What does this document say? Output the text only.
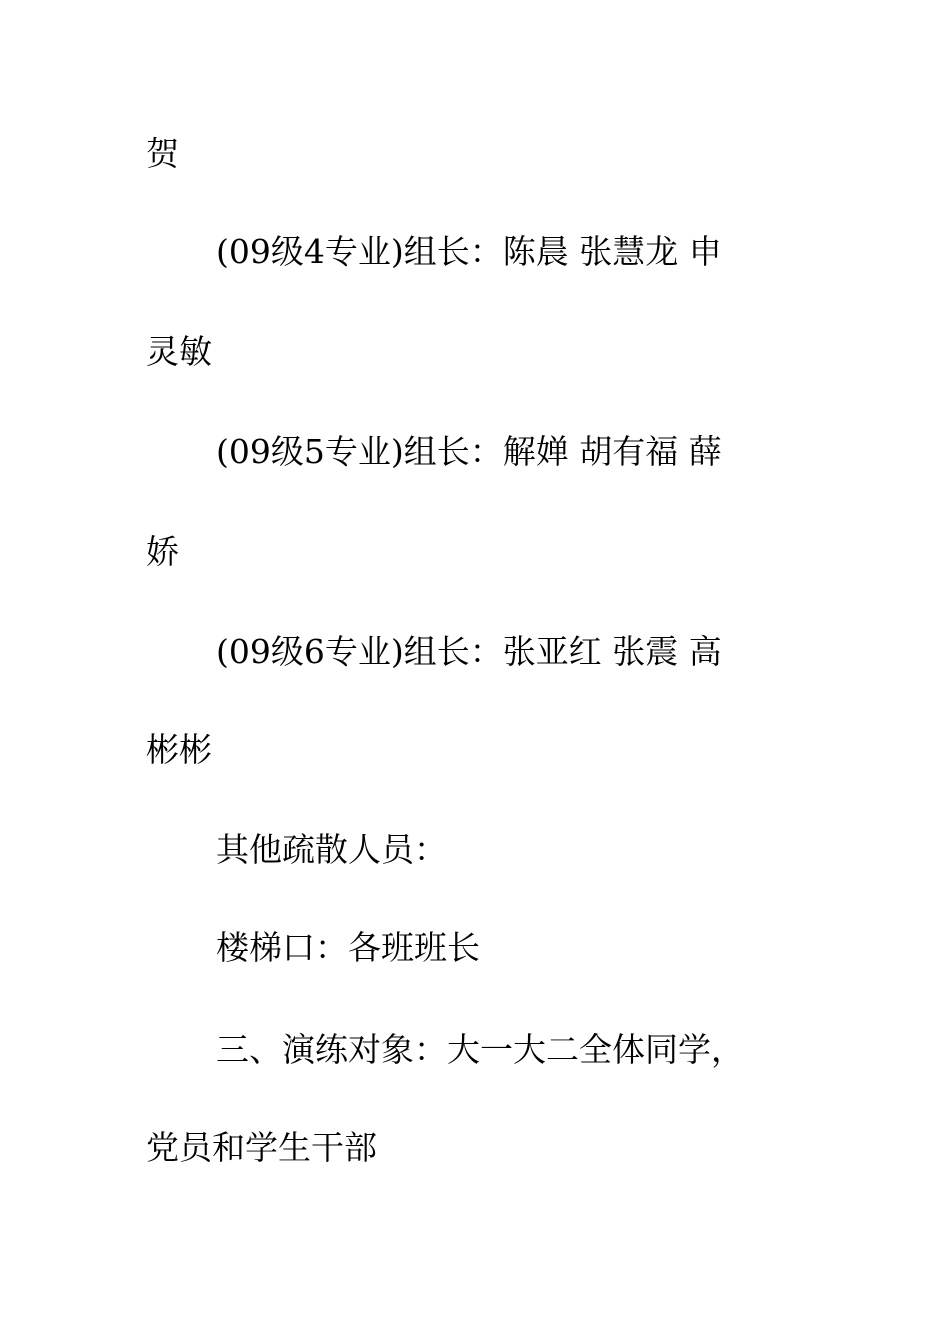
贺

(09级4专业)组长：陈晨 张慧龙 申

灵敏

(09级5专业)组长：解婵 胡有福 薛

娇

(09级6专业)组长：张亚红 张震 高

彬彬

其他疏散人员：

楼梯口：各班班长

三、演练对象：大一大二全体同学，

党员和学生干部
